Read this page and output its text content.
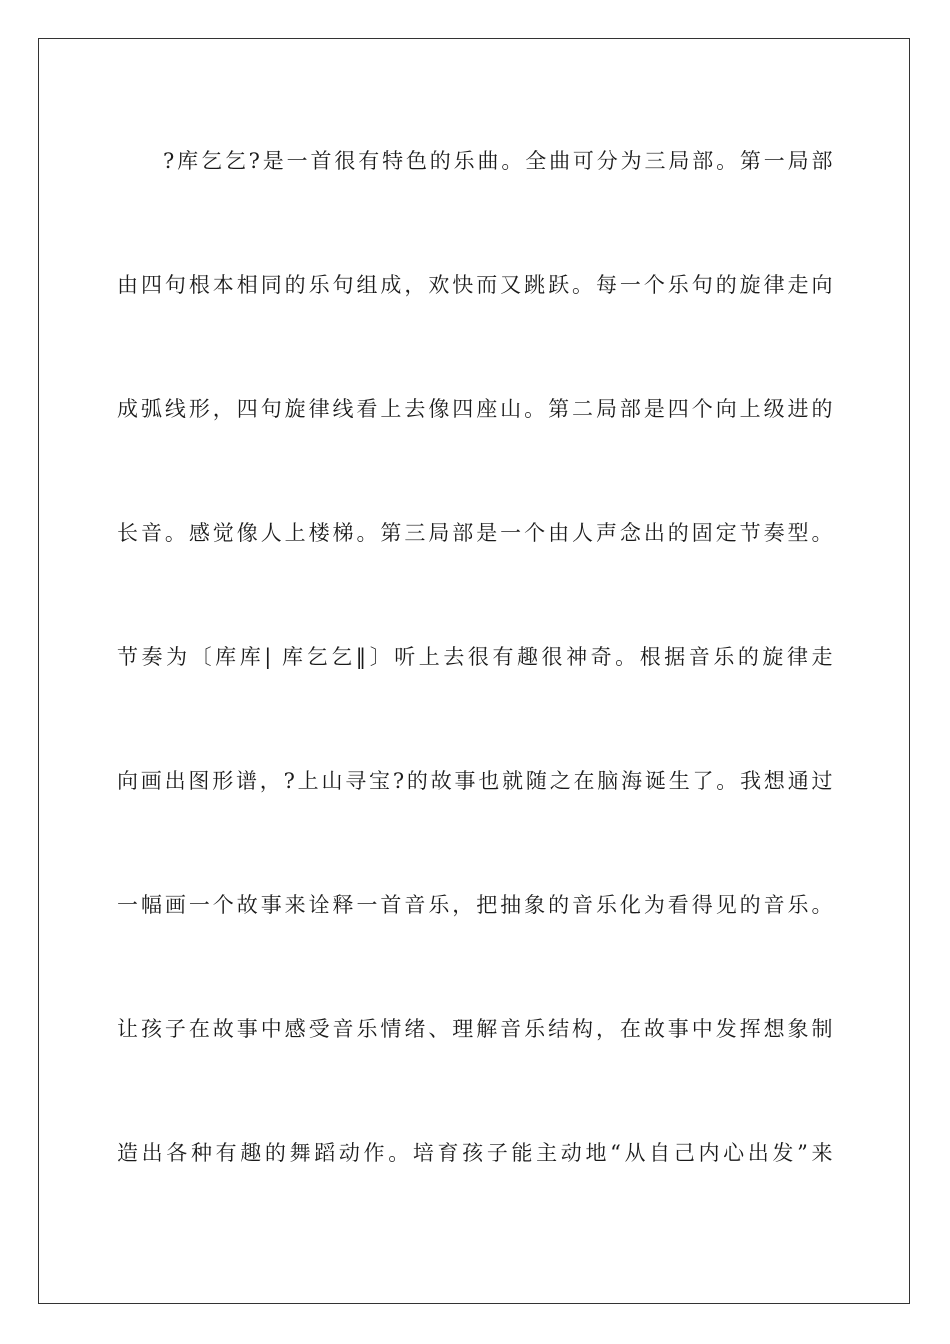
?库乞乞?是一首很有特色的乐曲。全曲可分为三局部。第一局部
由四句根本相同的乐句组成，欢快而又跳跃。每一个乐句的旋律走向
成弧线形，四句旋律线看上去像四座山。第二局部是四个向上级进的
长音。感觉像人上楼梯。第三局部是一个由人声念出的固定节奏型。
节奏为〔库库| 库乞乞‖〕听上去很有趣很神奇。根据音乐的旋律走
向画出图形谱，?上山寻宝?的故事也就随之在脑海诞生了。我想通过
一幅画一个故事来诠释一首音乐，把抽象的音乐化为看得见的音乐。
让孩子在故事中感受音乐情绪、理解音乐结构，在故事中发挥想象制
造出各种有趣的舞蹈动作。培育孩子能主动地“从自己内心出发”来
